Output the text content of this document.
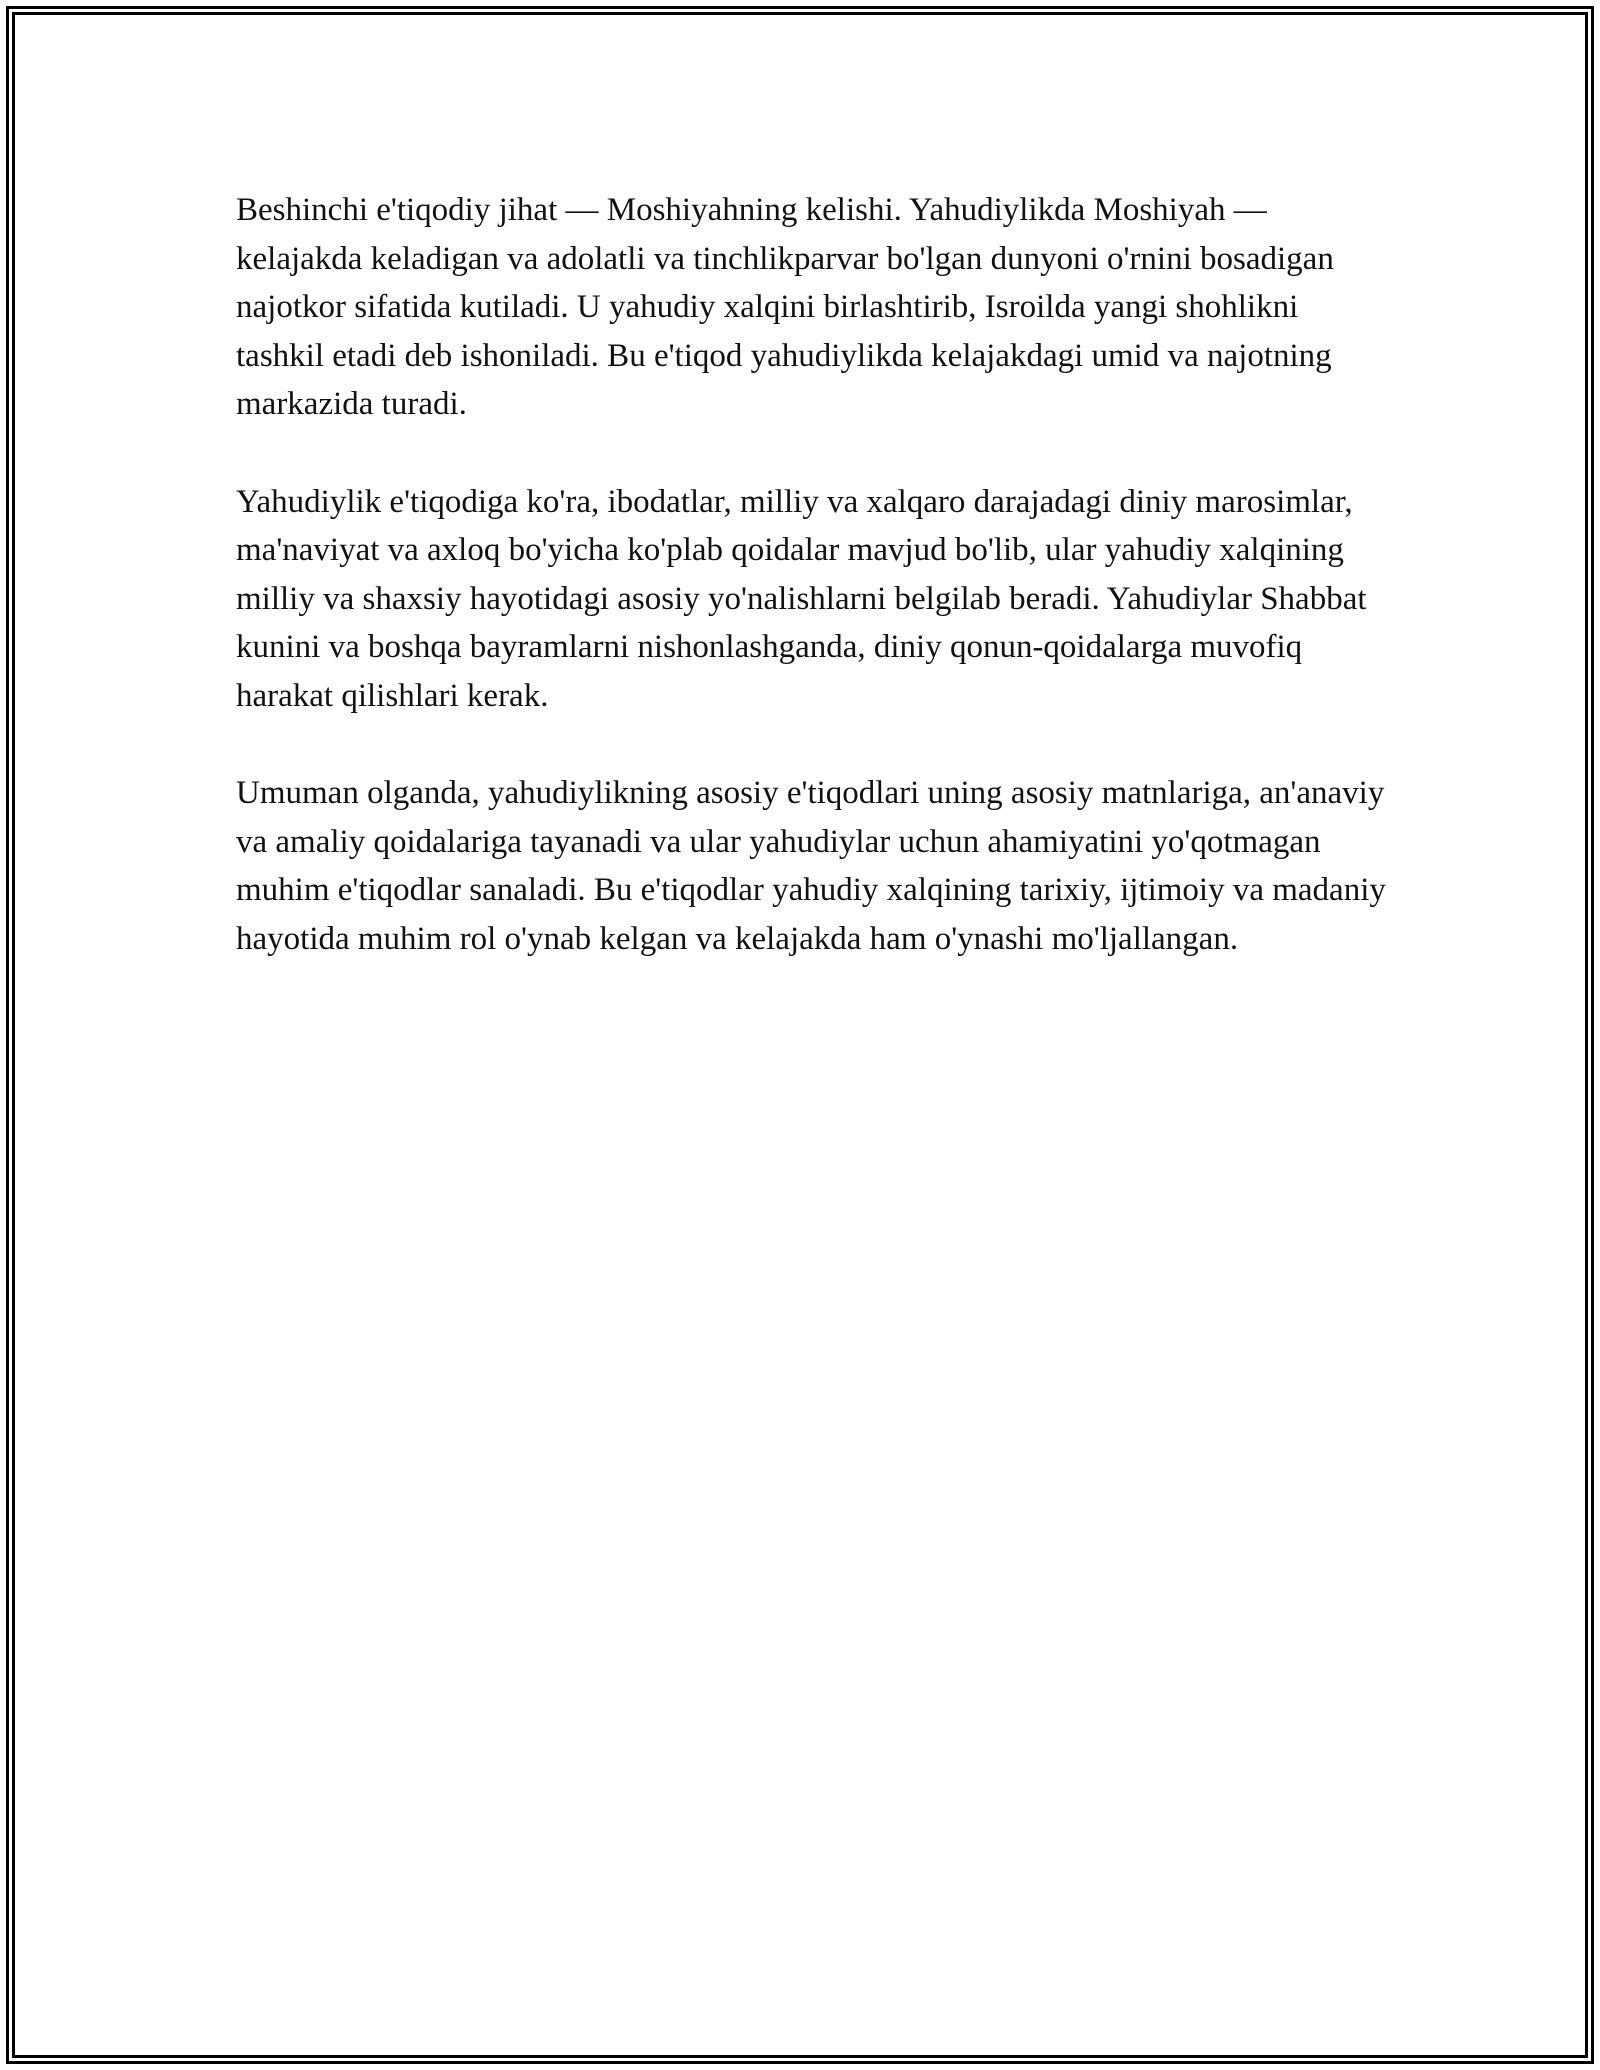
Beshinchi e'tiqodiy jihat — Moshiyahning kelishi. Yahudiylikda Moshiyah — kelajakda keladigan va adolatli va tinchlikparvar bo'lgan dunyoni o'rnini bosadigan najotkor sifatida kutiladi. U yahudiy xalqini birlashtirib, Isroilda yangi shohlikni tashkil etadi deb ishoniladi. Bu e'tiqod yahudiylikda kelajakdagi umid va najotning markazida turadi.

Yahudiylik e'tiqodiga ko'ra, ibodatlar, milliy va xalqaro darajadagi diniy marosimlar, ma'naviyat va axloq bo'yicha ko'plab qoidalar mavjud bo'lib, ular yahudiy xalqining milliy va shaxsiy hayotidagi asosiy yo'nalishlarni belgilab beradi. Yahudiylar Shabbat kunini va boshqa bayramlarni nishonlashganda, diniy qonun-qoidalarga muvofiq harakat qilishlari kerak.

Umuman olganda, yahudiylikning asosiy e'tiqodlari uning asosiy matnlariga, an'anaviy va amaliy qoidalariga tayanadi va ular yahudiylar uchun ahamiyatini yo'qotmagan muhim e'tiqodlar sanaladi. Bu e'tiqodlar yahudiy xalqining tarixiy, ijtimoiy va madaniy hayotida muhim rol o'ynab kelgan va kelajakda ham o'ynashi mo'ljallangan.
